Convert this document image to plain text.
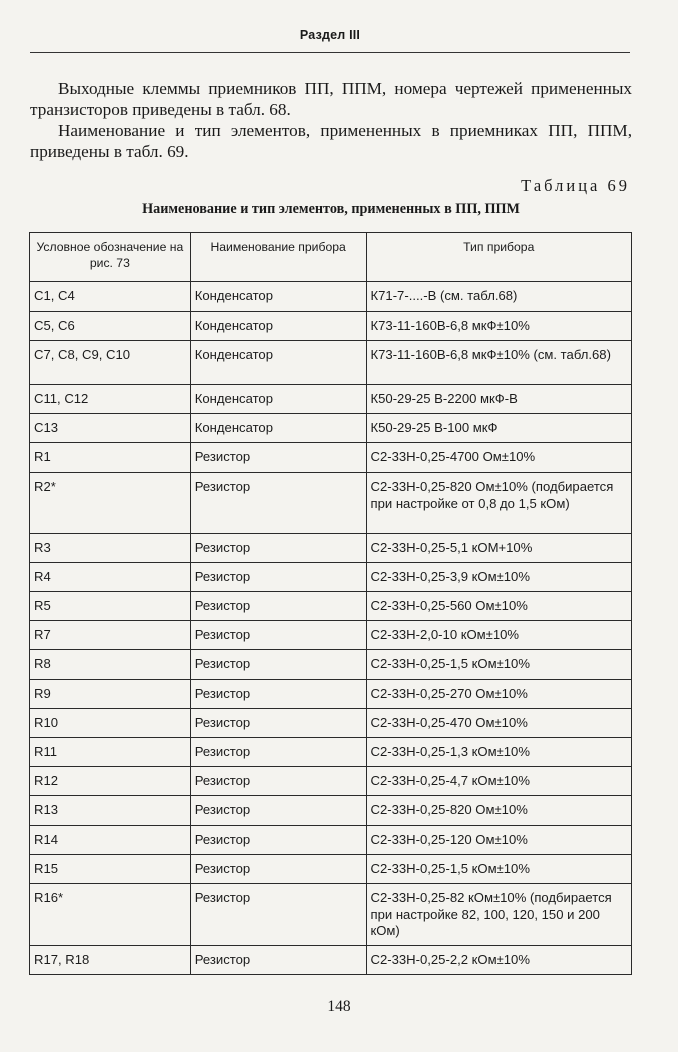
Раздел III

Выходные клеммы приемников ПП, ППМ, номера чертежей примененных транзисторов приведены в табл. 68.

Наименование и тип элементов, примененных в приемниках ПП, ППМ, приведены в табл. 69.

Таблица 69
Наименование и тип элементов, примененных в ПП, ППМ
Условное обозначение на рис. 73	Наименование прибора	Тип прибора
С1, С4	Конденсатор	К71-7-....-В (см. табл.68)
С5, С6	Конденсатор	К73-11-160В-6,8 мкФ±10%
С7, С8, С9, С10	Конденсатор	К73-11-160В-6,8 мкФ±10% (см. табл.68)
С11, С12	Конденсатор	К50-29-25 В-2200 мкФ-В
С13	Конденсатор	К50-29-25 В-100 мкФ
R1	Резистор	С2-33Н-0,25-4700 Ом±10%
R2*	Резистор	С2-33Н-0,25-820 Ом±10% (подбирается при настройке от 0,8 до 1,5 кОм)
R3	Резистор	С2-33Н-0,25-5,1 кОМ+10%
R4	Резистор	С2-33Н-0,25-3,9 кОм±10%
R5	Резистор	С2-33Н-0,25-560 Ом±10%
R7	Резистор	С2-33Н-2,0-10 кОм±10%
R8	Резистор	С2-33Н-0,25-1,5 кОм±10%
R9	Резистор	С2-33Н-0,25-270 Ом±10%
R10	Резистор	С2-33Н-0,25-470 Ом±10%
R11	Резистор	С2-33Н-0,25-1,3 кОм±10%
R12	Резистор	С2-33Н-0,25-4,7 кОм±10%
R13	Резистор	С2-33Н-0,25-820 Ом±10%
R14	Резистор	С2-33Н-0,25-120 Ом±10%
R15	Резистор	С2-33Н-0,25-1,5 кОм±10%
R16*	Резистор	С2-33Н-0,25-82 кОм±10% (подбирается при настройке 82, 100, 120, 150 и 200 кОм)
R17, R18	Резистор	С2-33Н-0,25-2,2 кОм±10%
148
